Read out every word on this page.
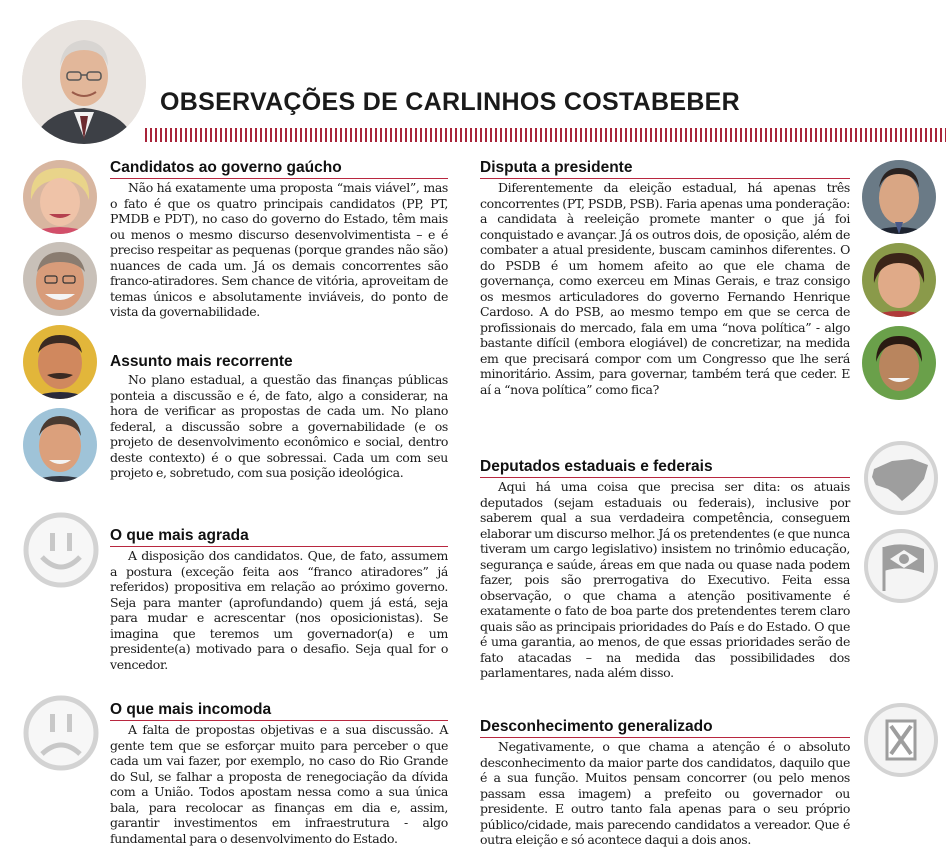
OBSERVAÇÕES DE CARLINHOS COSTABEBER
Candidatos ao governo gaúcho
Não há exatamente uma proposta “mais viável”, mas o fato é que os quatro principais candidatos (PP, PT, PMDB e PDT), no caso do governo do Estado, têm mais ou menos o mesmo discurso desenvolvimentista – e é preciso respeitar as pequenas (porque grandes não são) nuances de cada um. Já os demais concorrentes são franco-atiradores. Sem chance de vitória, aproveitam de temas únicos e absolutamente inviáveis, do ponto de vista da governabilidade.
Assunto mais recorrente
No plano estadual, a questão das finanças públicas ponteia a discussão e é, de fato, algo a considerar, na hora de verificar as propostas de cada um. No plano federal, a discussão sobre a governabilidade (e os projeto de desenvolvimento econômico e social, dentro deste contexto) é o que sobressai. Cada um com seu projeto e, sobretudo, com sua posição ideológica.
O que mais agrada
A disposição dos candidatos. Que, de fato, assumem a postura (exceção feita aos “franco atiradores” já referidos) propositiva em relação ao próximo governo. Seja para manter (aprofundando) quem já está, seja para mudar e acrescentar (nos oposicionistas). Se imagina que teremos um governador(a) e um presidente(a) motivado para o desafio. Seja qual for o vencedor.
O que mais incomoda
A falta de propostas objetivas e a sua discussão. A gente tem que se esforçar muito para perceber o que cada um vai fazer, por exemplo, no caso do Rio Grande do Sul, se falhar a proposta de renegociação da dívida com a União. Todos apostam nessa como a sua única bala, para recolocar as finanças em dia e, assim, garantir investimentos em infraestrutura - algo fundamental para o desenvolvimento do Estado.
Disputa a presidente
Diferentemente da eleição estadual, há apenas três concorrentes (PT, PSDB, PSB). Faria apenas uma ponderação: a candidata à reeleição promete manter o que já foi conquistado e avançar. Já os outros dois, de oposição, além de combater a atual presidente, buscam caminhos diferentes. O do PSDB é um homem afeito ao que ele chama de governança, como exerceu em Minas Gerais, e traz consigo os mesmos articuladores do governo Fernando Henrique Cardoso. A do PSB, ao mesmo tempo em que se cerca de profissionais do mercado, fala em uma “nova política” - algo bastante difícil (embora elogiável) de concretizar, na medida em que precisará compor com um Congresso que lhe será minoritário. Assim, para governar, também terá que ceder. E aí a “nova política” como fica?
Deputados estaduais e federais
Aqui há uma coisa que precisa ser dita: os atuais deputados (sejam estaduais ou federais), inclusive por saberem qual a sua verdadeira competência, conseguem elaborar um discurso melhor. Já os pretendentes (e que nunca tiveram um cargo legislativo) insistem no trinômio educação, segurança e saúde, áreas em que nada ou quase nada podem fazer, pois são prerrogativa do Executivo. Feita essa observação, o que chama a atenção positivamente é exatamente o fato de boa parte dos pretendentes terem claro quais são as principais prioridades do País e do Estado. O que é uma garantia, ao menos, de que essas prioridades serão de fato atacadas – na medida das possibilidades dos parlamentares, nada além disso.
Desconhecimento generalizado
Negativamente, o que chama a atenção é o absoluto desconhecimento da maior parte dos candidatos, daquilo que é a sua função. Muitos pensam concorrer (ou pelo menos passam essa imagem) a prefeito ou governador ou presidente. E outro tanto fala apenas para o seu próprio público/cidade, mais parecendo candidatos a vereador. Que é outra eleição e só acontece daqui a dois anos.
